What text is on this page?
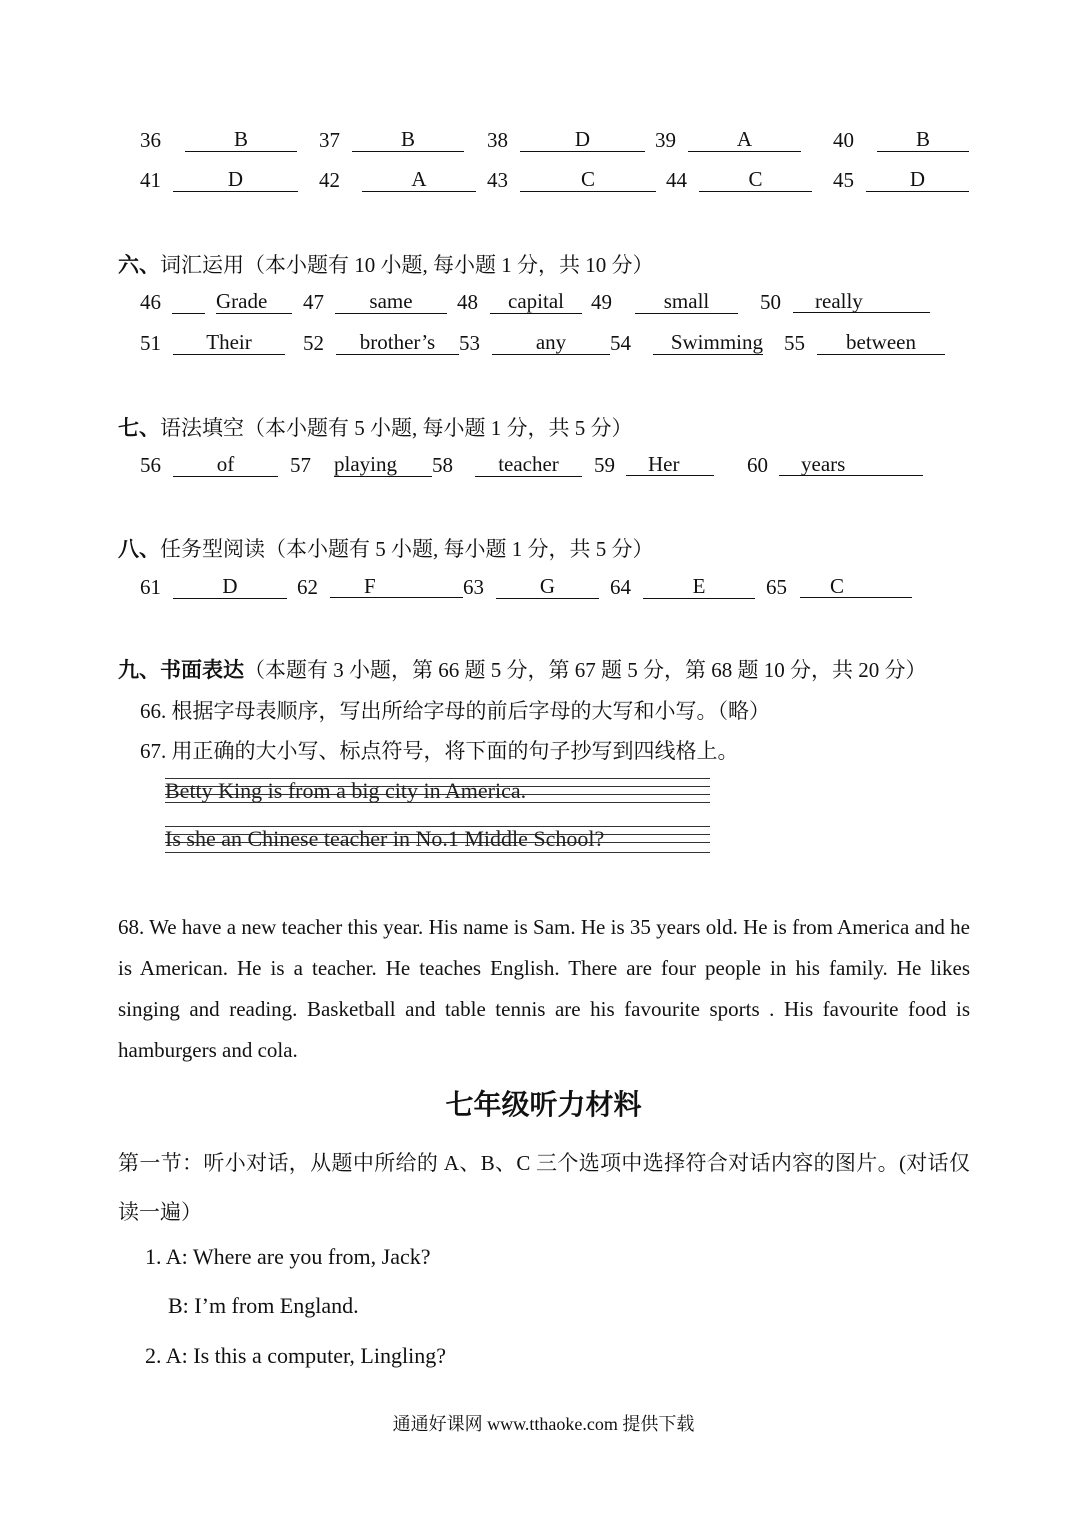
36	B	37	B	38	D	39	A	40	B
41	D	42	A	43	C	44	C	45	D
六、词汇运用（本小题有 10 小题, 每小题 1 分，共 10 分）
46	Grade	47	same	48	capital	49	small	50	really
51	Their	52	brother’s	53	any	54	Swimming 55	between
七、语法填空（本小题有 5 小题, 每小题 1 分，共 5 分）
56	of	57 playing	58	teacher	59	Her	60	years
八、任务型阅读（本小题有 5 小题, 每小题 1 分，共 5 分）
61	D	62	F	63	G	64	E	65	C
九、书面表达（本题有 3 小题，第 66 题 5 分，第 67 题 5 分，第 68 题 10 分，共 20 分）
66. 根据字母表顺序，写出所给字母的前后字母的大写和小写。（略）
67. 用正确的大小写、标点符号，将下面的句子抄写到四线格上。
Betty King is from a big city in America.
Is she an Chinese teacher in No.1 Middle School?
68. We have a new teacher this year. His name is Sam. He is 35 years old. He is from America and he is American. He is a teacher. He teaches English. There are four people in his family. He likes singing and reading. Basketball and table tennis are his favourite sports . His favourite food is hamburgers and cola.
七年级听力材料
第一节：听小对话，从题中所给的 A、B、C 三个选项中选择符合对话内容的图片。(对话仅读一遍）
1. A: Where are you from, Jack?
B: I’m from England.
2. A: Is this a computer, Lingling?
通通好课网 www.tthaoke.com 提供下载
